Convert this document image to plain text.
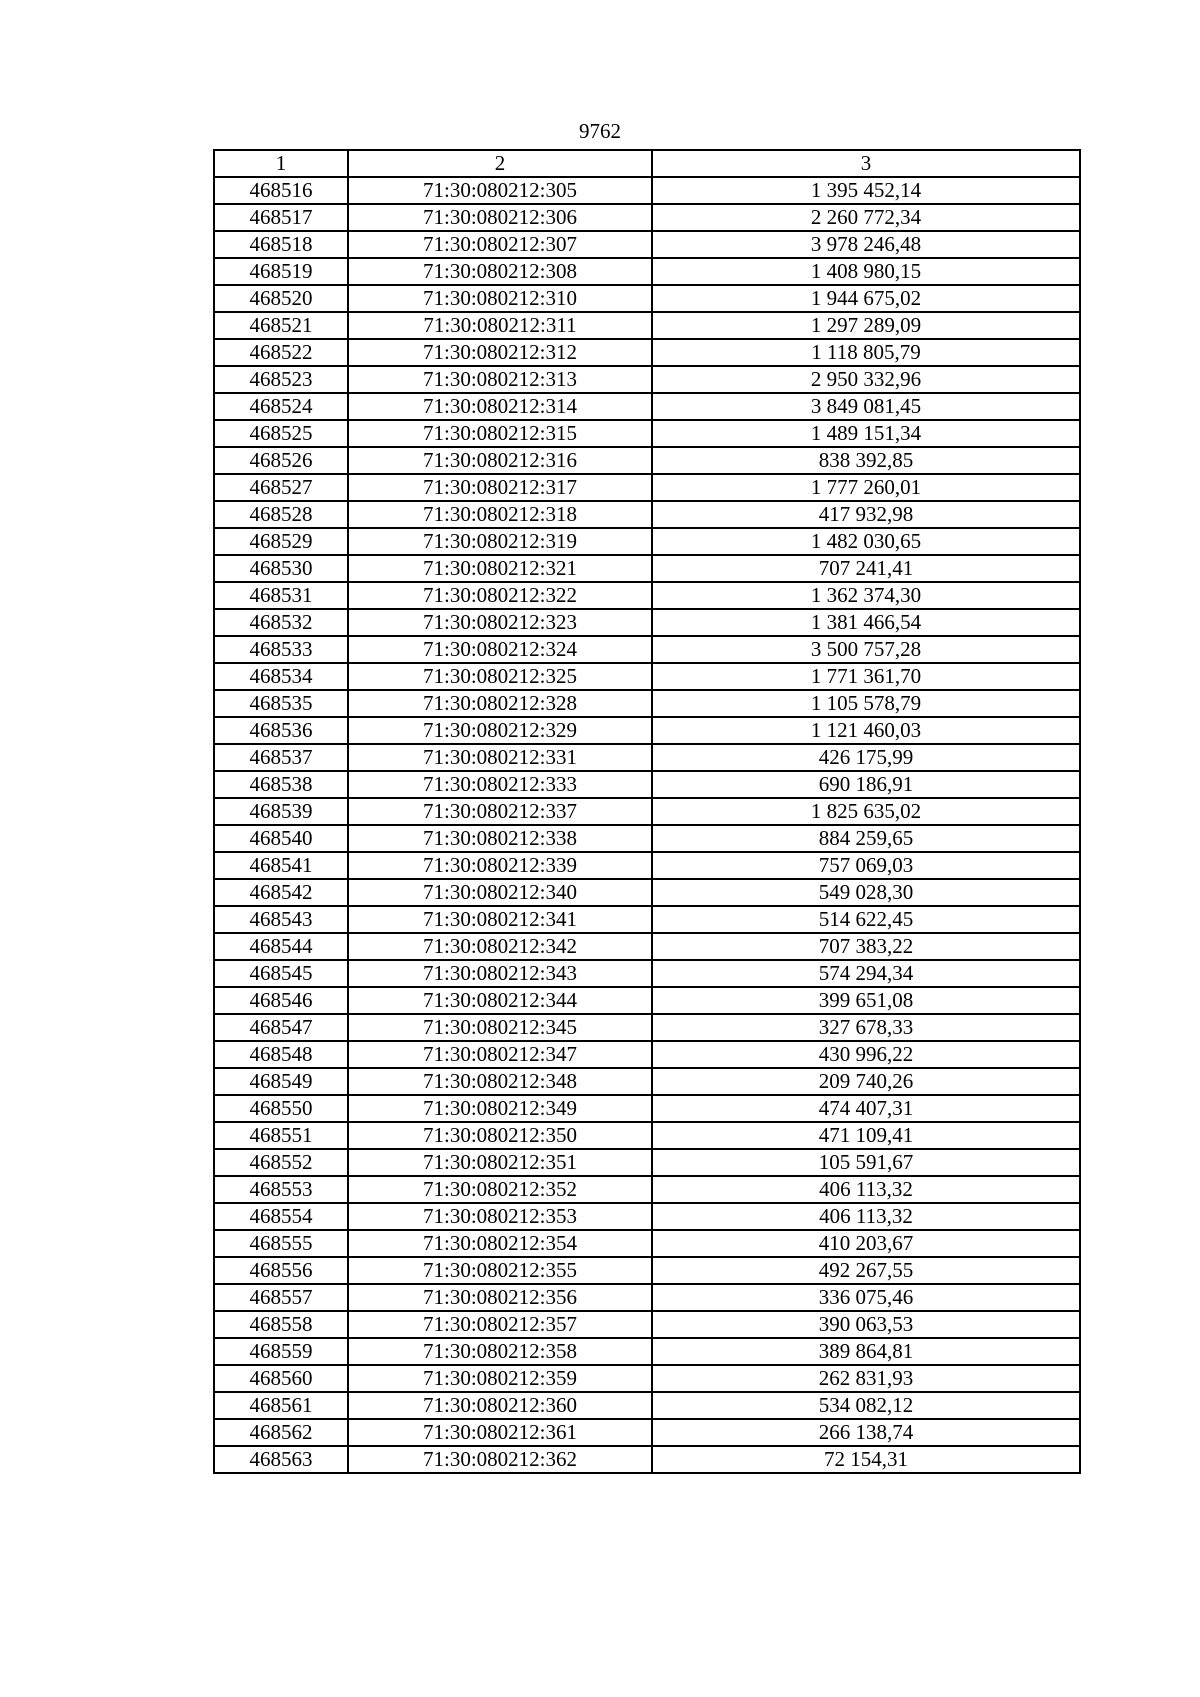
9762
1	2	3
468516	71:30:080212:305	1 395 452,14
468517	71:30:080212:306	2 260 772,34
468518	71:30:080212:307	3 978 246,48
468519	71:30:080212:308	1 408 980,15
468520	71:30:080212:310	1 944 675,02
468521	71:30:080212:311	1 297 289,09
468522	71:30:080212:312	1 118 805,79
468523	71:30:080212:313	2 950 332,96
468524	71:30:080212:314	3 849 081,45
468525	71:30:080212:315	1 489 151,34
468526	71:30:080212:316	838 392,85
468527	71:30:080212:317	1 777 260,01
468528	71:30:080212:318	417 932,98
468529	71:30:080212:319	1 482 030,65
468530	71:30:080212:321	707 241,41
468531	71:30:080212:322	1 362 374,30
468532	71:30:080212:323	1 381 466,54
468533	71:30:080212:324	3 500 757,28
468534	71:30:080212:325	1 771 361,70
468535	71:30:080212:328	1 105 578,79
468536	71:30:080212:329	1 121 460,03
468537	71:30:080212:331	426 175,99
468538	71:30:080212:333	690 186,91
468539	71:30:080212:337	1 825 635,02
468540	71:30:080212:338	884 259,65
468541	71:30:080212:339	757 069,03
468542	71:30:080212:340	549 028,30
468543	71:30:080212:341	514 622,45
468544	71:30:080212:342	707 383,22
468545	71:30:080212:343	574 294,34
468546	71:30:080212:344	399 651,08
468547	71:30:080212:345	327 678,33
468548	71:30:080212:347	430 996,22
468549	71:30:080212:348	209 740,26
468550	71:30:080212:349	474 407,31
468551	71:30:080212:350	471 109,41
468552	71:30:080212:351	105 591,67
468553	71:30:080212:352	406 113,32
468554	71:30:080212:353	406 113,32
468555	71:30:080212:354	410 203,67
468556	71:30:080212:355	492 267,55
468557	71:30:080212:356	336 075,46
468558	71:30:080212:357	390 063,53
468559	71:30:080212:358	389 864,81
468560	71:30:080212:359	262 831,93
468561	71:30:080212:360	534 082,12
468562	71:30:080212:361	266 138,74
468563	71:30:080212:362	72 154,31
